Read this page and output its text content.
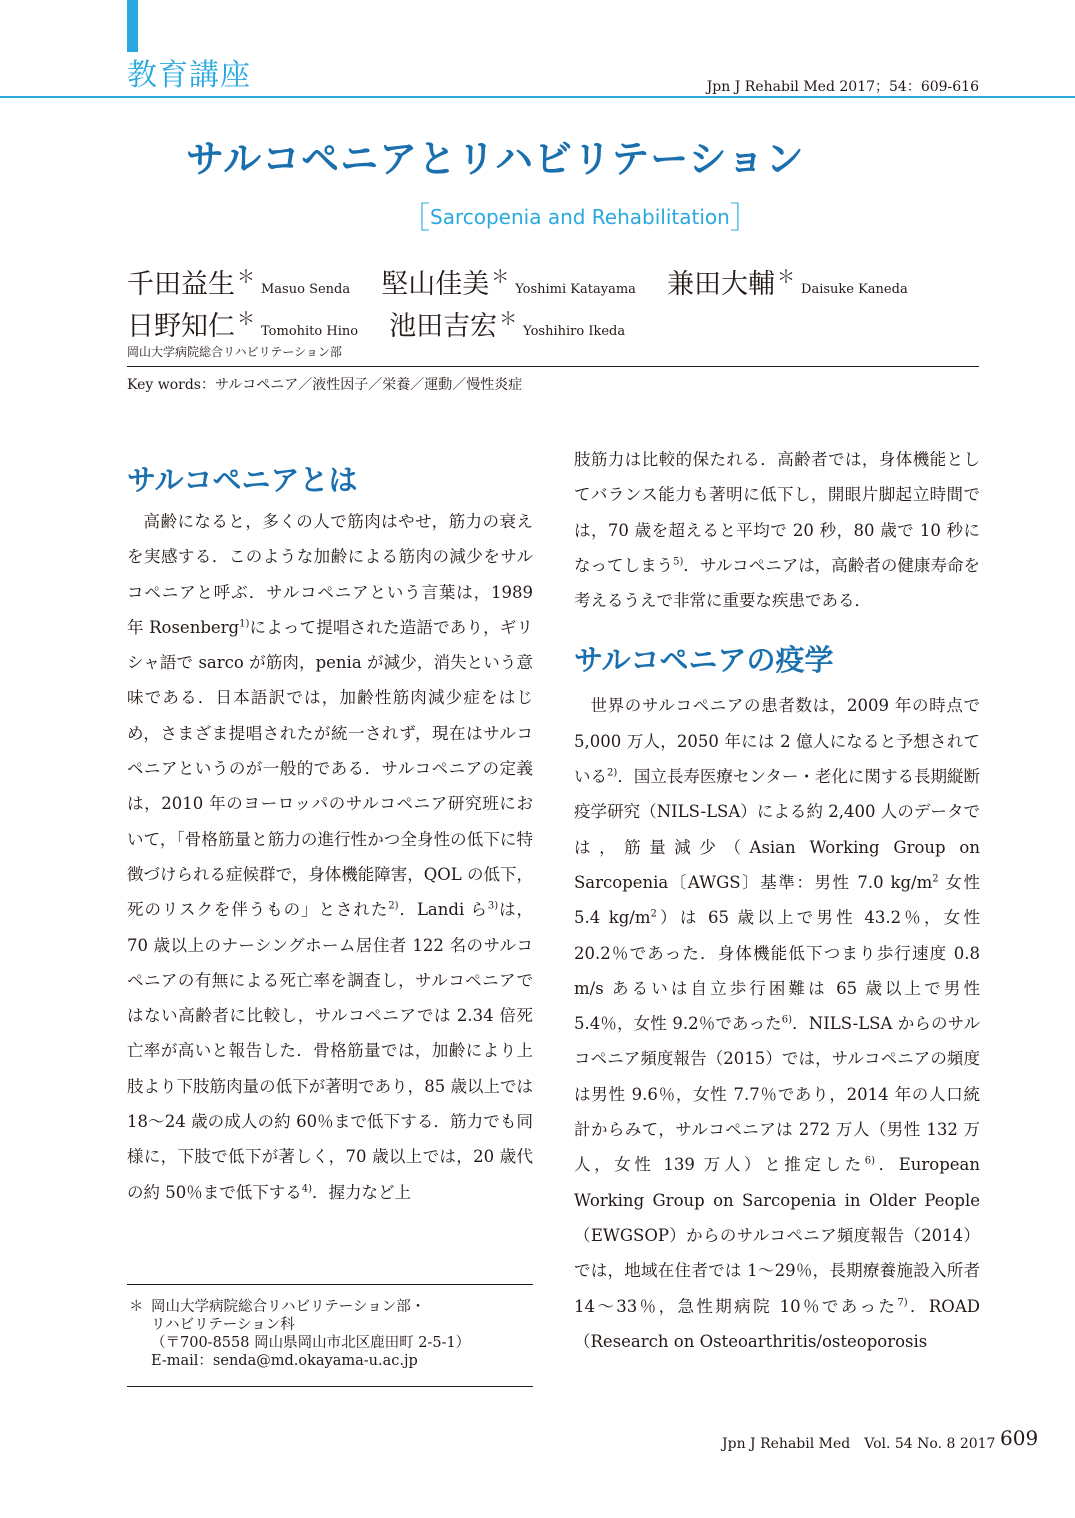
教育講座	Jpn J Rehabil Med 2017；54：609-616
サルコペニアとリハビリテーション
［Sarcopenia and Rehabilitation］
千田益生 ＊Masuo Senda 堅山佳美 ＊Yoshimi Katayama 兼田大輔 ＊Daisuke Kaneda
日野知仁 ＊Tomohito Hino 池田吉宏 ＊Yoshihiro Ikeda
岡山大学病院総合リハビリテーション部
Key words：サルコペニア／液性因子／栄養／運動／慢性炎症
サルコペニアとは

高齢になると，多くの人で筋肉はやせ，筋力の衰えを実感する．このような加齢による筋肉の減少をサルコペニアと呼ぶ．サルコペニアという言葉は，1989 年 Rosenberg$^{1)}$によって提唱された造語であり，ギリシャ語で sarco が筋肉，penia が減少，消失という意味である．日本語訳では，加齢性筋肉減少症をはじめ，さまざま提唱されたが統一されず，現在はサルコペニアというのが一般的である．サルコペニアの定義は，2010 年のヨーロッパのサルコペニア研究班において，「骨格筋量と筋力の進行性かつ全身性の低下に特徴づけられる症候群で，身体機能障害，QOL の低下，死のリスクを伴うもの」とされた$^{2)}$．Landi ら$^{3)}$は，70 歳以上のナーシングホーム居住者 122 名のサルコペニアの有無による死亡率を調査し，サルコペニアではない高齢者に比較し，サルコペニアでは 2.34 倍死亡率が高いと報告した．骨格筋量では，加齢により上肢より下肢筋肉量の低下が著明であり，85 歳以上では 18～24 歳の成人の約 60％まで低下する．筋力でも同様に，下肢で低下が著しく，70 歳以上では，20 歳代の約 50％まで低下する$^{4)}$．握力など上

＊ 岡山大学病院総合リハビリテーション部・
リハビリテーション科
（〒700-8558 岡山県岡山市北区鹿田町 2-5-1）
E-mail：senda@md.okayama-u.ac.jp

肢筋力は比較的保たれる．高齢者では，身体機能としてバランス能力も著明に低下し，開眼片脚起立時間では，70 歳を超えると平均で 20 秒，80 歳で 10 秒になってしまう$^{5)}$．サルコペニアは，高齢者の健康寿命を考えるうえで非常に重要な疾患である．

サルコペニアの疫学

世界のサルコペニアの患者数は，2009 年の時点で 5,000 万人，2050 年には 2 億人になると予想されている$^{2)}$．国立長寿医療センター・老化に関する長期縦断疫学研究（NILS-LSA）による約 2,400 人のデータでは，筋量減少（Asian Working Group on Sarcopenia〔AWGS〕基準：男性 7.0 $kg/m^2$ 女性 5.4 $kg/m^2$）は 65 歳以上で男性 43.2％，女性 20.2％であった．身体機能低下つまり歩行速度 0.8 m/s あるいは自立歩行困難は 65 歳以上で男性 5.4％，女性 9.2％であった$^{6)}$．NILS-LSA からのサルコペニア頻度報告（2015）では，サルコペニアの頻度は男性 9.6％，女性 7.7％であり，2014 年の人口統計からみて，サルコペニアは 272 万人（男性 132 万人，女性 139 万人）と推定した$^{6)}$．European Working Group on Sarcopenia in Older People（EWGSOP）からのサルコペニア頻度報告（2014）では，地域在住者では 1～29％，長期療養施設入所者 14～33％，急性期病院 10％であった$^{7)}$．ROAD（Research on Osteoarthritis/osteoporosis

Jpn J Rehabil Med　Vol. 54 No. 8 2017 609
